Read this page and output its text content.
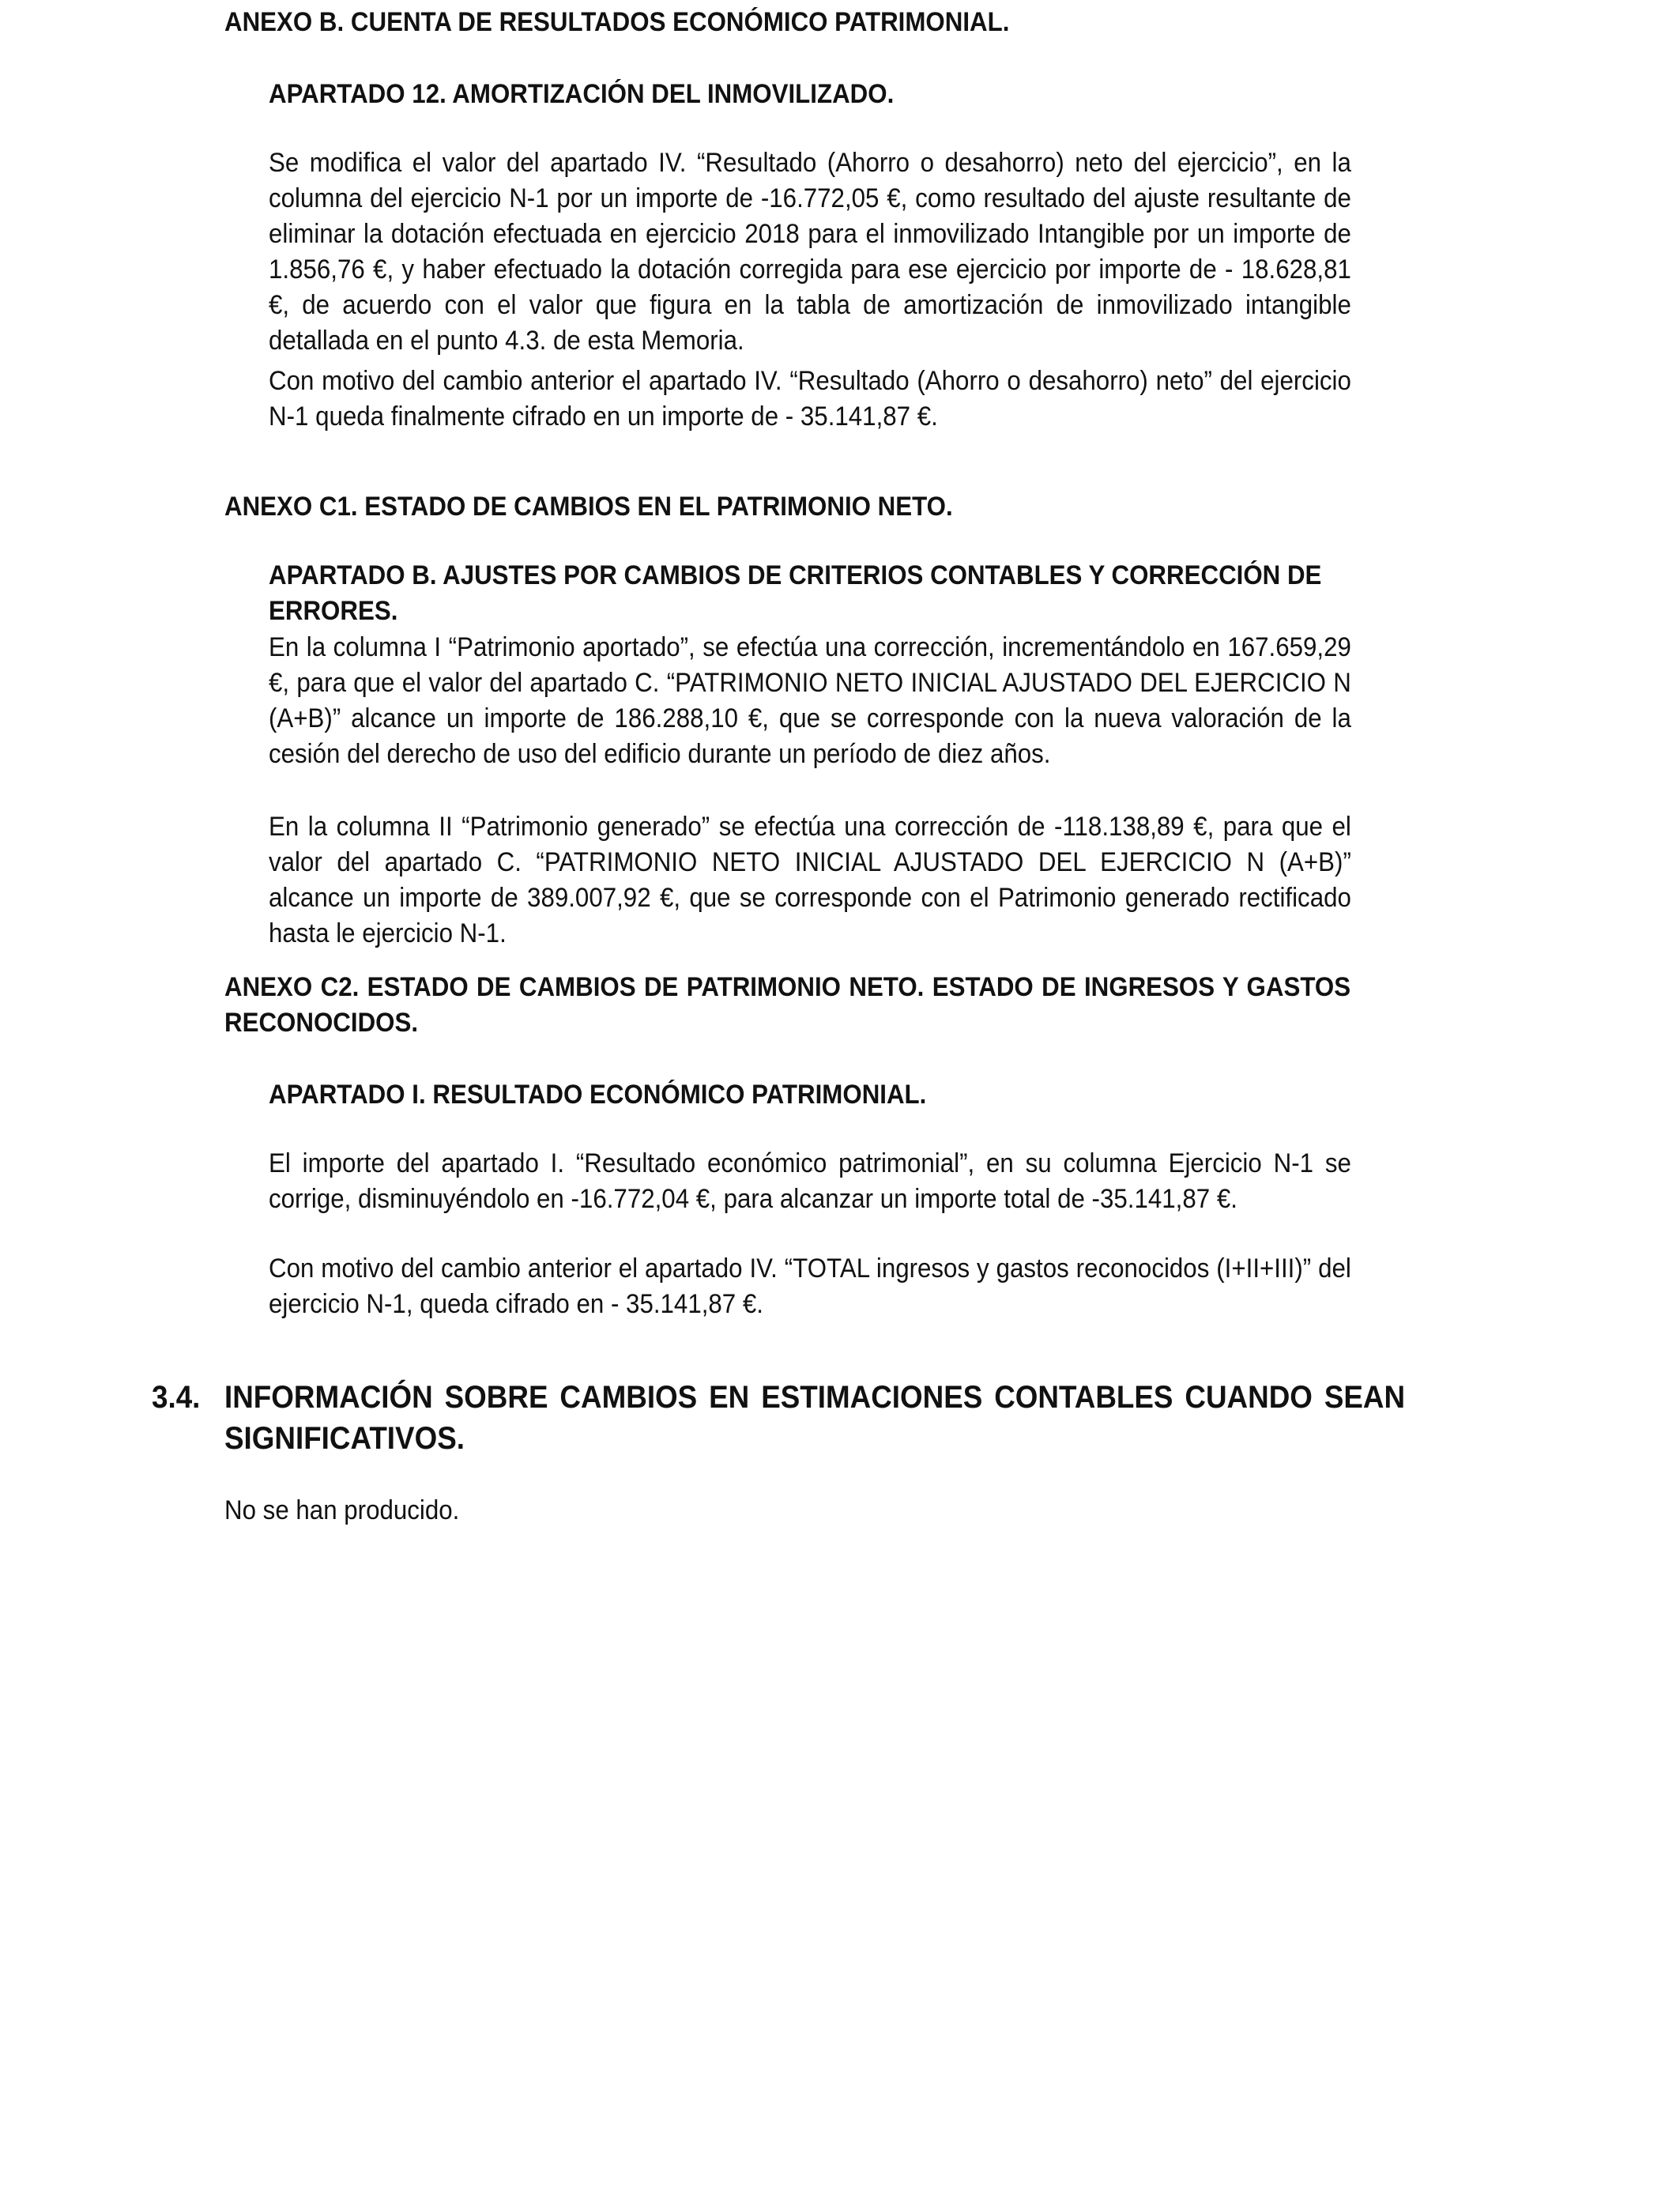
ANEXO B. CUENTA DE RESULTADOS ECONÓMICO PATRIMONIAL.

APARTADO 12. AMORTIZACIÓN DEL INMOVILIZADO.

Se modifica el valor del apartado IV. “Resultado (Ahorro o desahorro) neto del ejercicio”, en la columna del ejercicio N-1 por un importe de -16.772,05 €, como resultado del ajuste resultante de eliminar la dotación efectuada en ejercicio 2018 para el inmovilizado Intangible por un importe de 1.856,76 €, y haber efectuado la dotación corregida para ese ejercicio por importe de - 18.628,81 €, de acuerdo con el valor que figura en la tabla de amortización de inmovilizado intangible detallada en el punto 4.3. de esta Memoria.

Con motivo del cambio anterior el apartado IV. “Resultado (Ahorro o desahorro) neto” del ejercicio N-1 queda finalmente cifrado en un importe de - 35.141,87 €.

ANEXO C1. ESTADO DE CAMBIOS EN EL PATRIMONIO NETO.

APARTADO B. AJUSTES POR CAMBIOS DE CRITERIOS CONTABLES Y CORRECCIÓN DE ERRORES.

En la columna I “Patrimonio aportado”, se efectúa una corrección, incrementándolo en 167.659,29 €, para que el valor del apartado C. “PATRIMONIO NETO INICIAL AJUSTADO DEL EJERCICIO N (A+B)” alcance un importe de 186.288,10 €, que se corresponde con la nueva valoración de la cesión del derecho de uso del edificio durante un período de diez años.

En la columna II “Patrimonio generado” se efectúa una corrección de -118.138,89 €, para que el valor del apartado C. “PATRIMONIO NETO INICIAL AJUSTADO DEL EJERCICIO N (A+B)” alcance un importe de 389.007,92 €, que se corresponde con el Patrimonio generado rectificado hasta le ejercicio N-1.

ANEXO C2. ESTADO DE CAMBIOS DE PATRIMONIO NETO. ESTADO DE INGRESOS Y GASTOS RECONOCIDOS.

APARTADO I. RESULTADO ECONÓMICO PATRIMONIAL.

El importe del apartado I. “Resultado económico patrimonial”, en su columna Ejercicio N-1 se corrige, disminuyéndolo en -16.772,04 €, para alcanzar un importe total de -35.141,87 €.

Con motivo del cambio anterior el apartado IV. “TOTAL ingresos y gastos reconocidos (I+II+III)” del ejercicio N-1, queda cifrado en - 35.141,87 €.

3.4. INFORMACIÓN SOBRE CAMBIOS EN ESTIMACIONES CONTABLES CUANDO SEAN SIGNIFICATIVOS.

No se han producido.
